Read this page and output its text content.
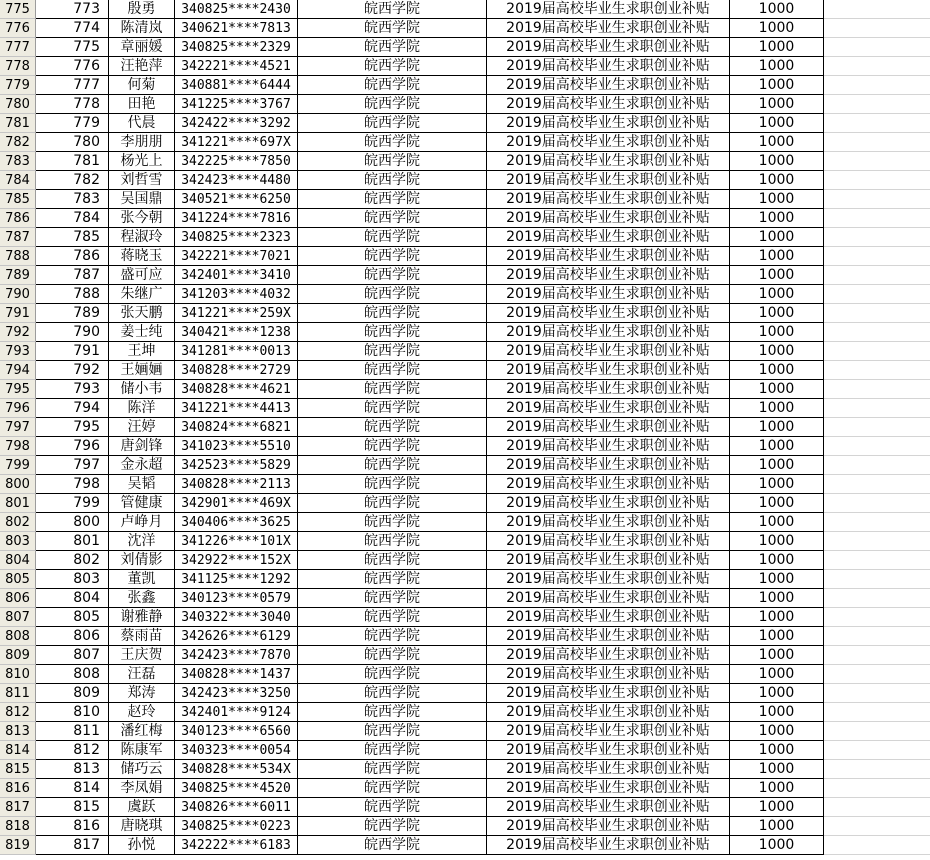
775	773	殷勇	340825****2430	皖西学院	2019届高校毕业生求职创业补贴	1000
776	774	陈清岚	340621****7813	皖西学院	2019届高校毕业生求职创业补贴	1000
777	775	章丽媛	340825****2329	皖西学院	2019届高校毕业生求职创业补贴	1000
778	776	汪艳萍	342221****4521	皖西学院	2019届高校毕业生求职创业补贴	1000
779	777	何菊	340881****6444	皖西学院	2019届高校毕业生求职创业补贴	1000
780	778	田艳	341225****3767	皖西学院	2019届高校毕业生求职创业补贴	1000
781	779	代晨	342422****3292	皖西学院	2019届高校毕业生求职创业补贴	1000
782	780	李朋朋	341221****697X	皖西学院	2019届高校毕业生求职创业补贴	1000
783	781	杨光上	342225****7850	皖西学院	2019届高校毕业生求职创业补贴	1000
784	782	刘哲雪	342423****4480	皖西学院	2019届高校毕业生求职创业补贴	1000
785	783	吴国鼎	340521****6250	皖西学院	2019届高校毕业生求职创业补贴	1000
786	784	张今朝	341224****7816	皖西学院	2019届高校毕业生求职创业补贴	1000
787	785	程淑玲	340825****2323	皖西学院	2019届高校毕业生求职创业补贴	1000
788	786	蒋晓玉	342221****7021	皖西学院	2019届高校毕业生求职创业补贴	1000
789	787	盛可应	342401****3410	皖西学院	2019届高校毕业生求职创业补贴	1000
790	788	朱继广	341203****4032	皖西学院	2019届高校毕业生求职创业补贴	1000
791	789	张天鹏	341221****259X	皖西学院	2019届高校毕业生求职创业补贴	1000
792	790	姜士纯	340421****1238	皖西学院	2019届高校毕业生求职创业补贴	1000
793	791	王坤	341281****0013	皖西学院	2019届高校毕业生求职创业补贴	1000
794	792	王婳婳	340828****2729	皖西学院	2019届高校毕业生求职创业补贴	1000
795	793	储小韦	340828****4621	皖西学院	2019届高校毕业生求职创业补贴	1000
796	794	陈洋	341221****4413	皖西学院	2019届高校毕业生求职创业补贴	1000
797	795	汪婷	340824****6821	皖西学院	2019届高校毕业生求职创业补贴	1000
798	796	唐剑锋	341023****5510	皖西学院	2019届高校毕业生求职创业补贴	1000
799	797	金永超	342523****5829	皖西学院	2019届高校毕业生求职创业补贴	1000
800	798	吴韬	340828****2113	皖西学院	2019届高校毕业生求职创业补贴	1000
801	799	管健康	342901****469X	皖西学院	2019届高校毕业生求职创业补贴	1000
802	800	卢峥月	340406****3625	皖西学院	2019届高校毕业生求职创业补贴	1000
803	801	沈洋	341226****101X	皖西学院	2019届高校毕业生求职创业补贴	1000
804	802	刘倩影	342922****152X	皖西学院	2019届高校毕业生求职创业补贴	1000
805	803	董凯	341125****1292	皖西学院	2019届高校毕业生求职创业补贴	1000
806	804	张鑫	340123****0579	皖西学院	2019届高校毕业生求职创业补贴	1000
807	805	谢雅静	340322****3040	皖西学院	2019届高校毕业生求职创业补贴	1000
808	806	蔡雨苗	342626****6129	皖西学院	2019届高校毕业生求职创业补贴	1000
809	807	王庆贺	342423****7870	皖西学院	2019届高校毕业生求职创业补贴	1000
810	808	汪磊	340828****1437	皖西学院	2019届高校毕业生求职创业补贴	1000
811	809	郑涛	342423****3250	皖西学院	2019届高校毕业生求职创业补贴	1000
812	810	赵玲	342401****9124	皖西学院	2019届高校毕业生求职创业补贴	1000
813	811	潘红梅	340123****6560	皖西学院	2019届高校毕业生求职创业补贴	1000
814	812	陈康军	340323****0054	皖西学院	2019届高校毕业生求职创业补贴	1000
815	813	储巧云	340828****534X	皖西学院	2019届高校毕业生求职创业补贴	1000
816	814	李凤娟	340825****4520	皖西学院	2019届高校毕业生求职创业补贴	1000
817	815	虞跃	340826****6011	皖西学院	2019届高校毕业生求职创业补贴	1000
818	816	唐晓琪	340825****0223	皖西学院	2019届高校毕业生求职创业补贴	1000
819	817	孙悦	342222****6183	皖西学院	2019届高校毕业生求职创业补贴	1000
